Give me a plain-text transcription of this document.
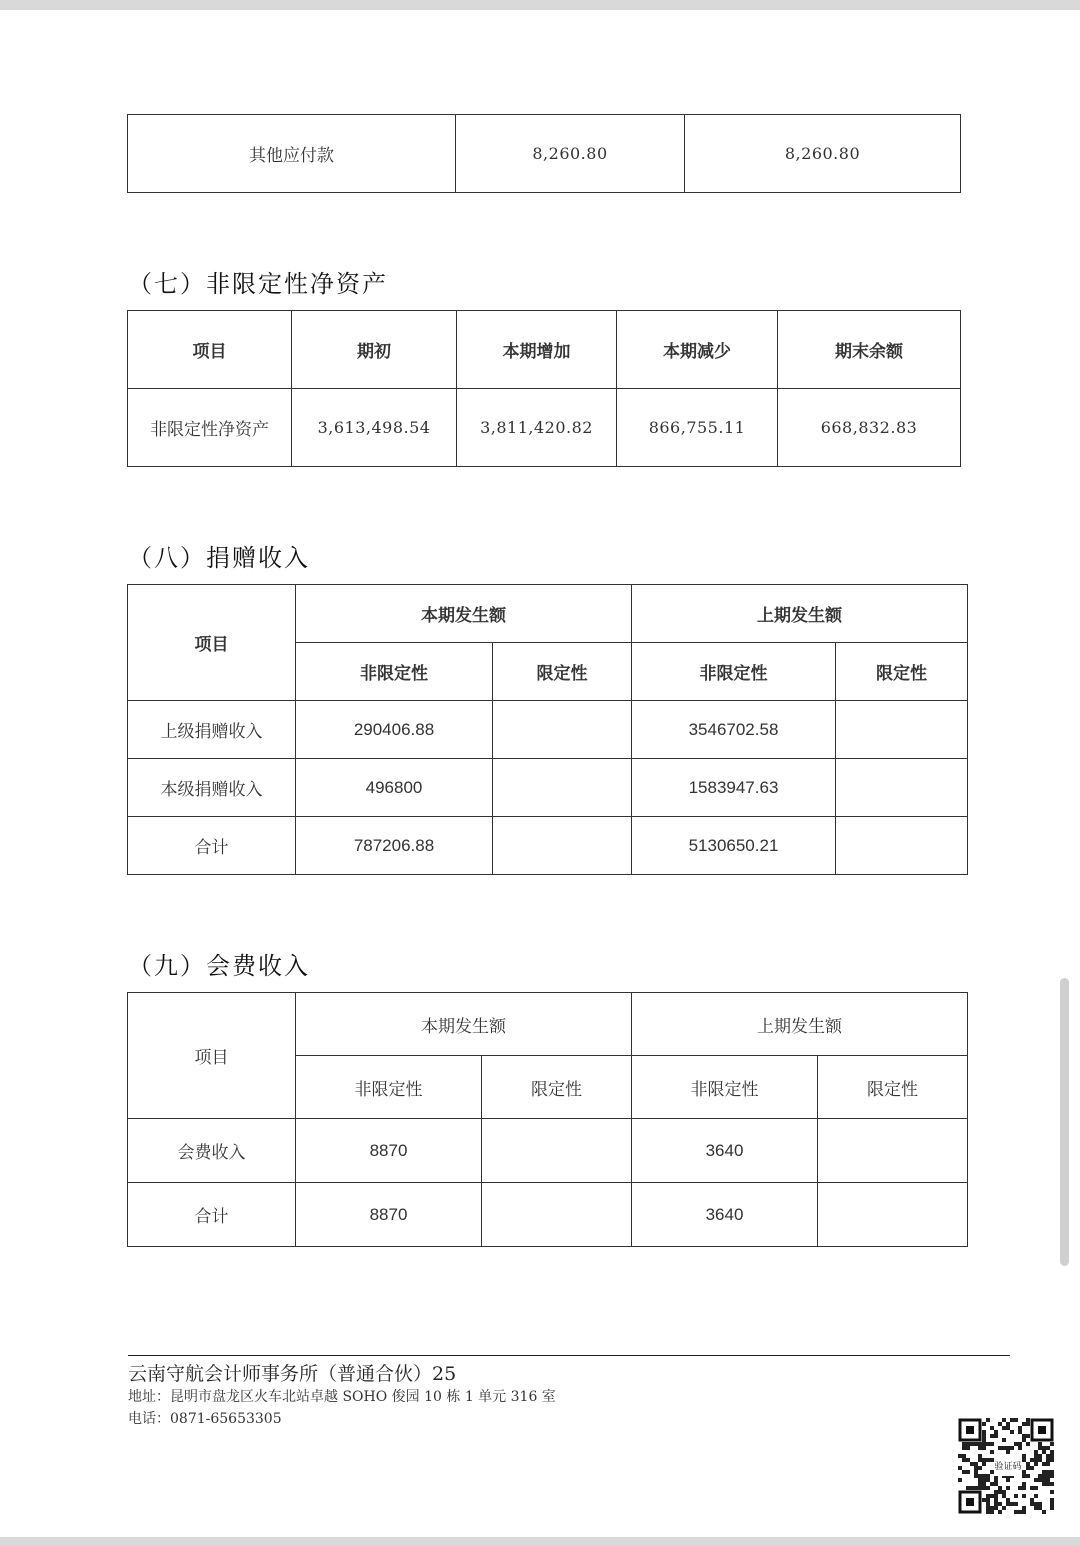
其他应付款	8,260.80	8,260.80
（七）非限定性净资产
项目	期初	本期增加	本期减少	期末余额
非限定性净资产	3,613,498.54	3,811,420.82	866,755.11	668,832.83
（八）捐赠收入
项目	本期发生额		上期发生额	
	非限定性	限定性	非限定性	限定性
上级捐赠收入	290406.88		3546702.58	
本级捐赠收入	496800		1583947.63	
合计	787206.88		5130650.21	
（九）会费收入
项目	本期发生额		上期发生额	
	非限定性	限定性	非限定性	限定性
会费收入	8870		3640	
合计	8870		3640	
云南守航会计师事务所（普通合伙）25
地址：昆明市盘龙区火车北站卓越 SOHO 俊园 10 栋 1 单元 316 室
电话：0871-65653305
验证码
